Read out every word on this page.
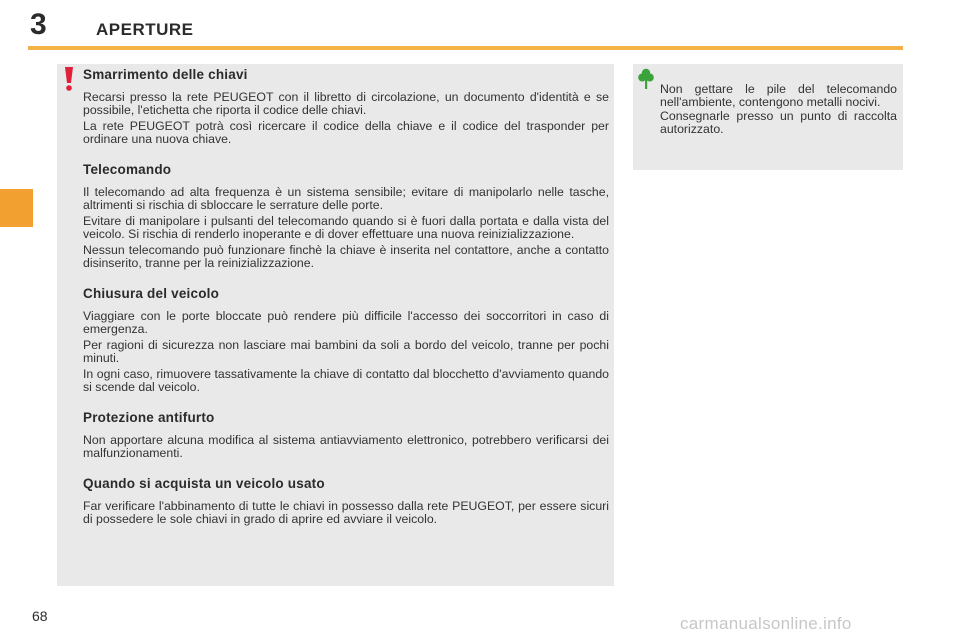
3	APERTURE
Smarrimento delle chiavi

Recarsi presso la rete PEUGEOT con il libretto di circolazione, un documento d'identità e se possibile, l'etichetta che riporta il codice delle chiavi.

La rete PEUGEOT potrà così ricercare il codice della chiave e il codice del trasponder per ordinare una nuova chiave.

Telecomando

Il telecomando ad alta frequenza è un sistema sensibile; evitare di manipolarlo nelle tasche, altrimenti si rischia di sbloccare le serrature delle porte.

Evitare di manipolare i pulsanti del telecomando quando si è fuori dalla portata e dalla vista del veicolo. Si rischia di renderlo inoperante e di dover effettuare una nuova reinizializzazione.

Nessun telecomando può funzionare finchè la chiave è inserita nel contattore, anche a contatto disinserito, tranne per la reinizializzazione.

Chiusura del veicolo

Viaggiare con le porte bloccate può rendere più difficile l'accesso dei soccorritori in caso di emergenza.

Per ragioni di sicurezza non lasciare mai bambini da soli a bordo del veicolo, tranne per pochi minuti.

In ogni caso, rimuovere tassativamente la chiave di contatto dal blocchetto d'avviamento quando si scende dal veicolo.

Protezione antifurto

Non apportare alcuna modifica al sistema antiavviamento elettronico, potrebbero verificarsi dei malfunzionamenti.

Quando si acquista un veicolo usato

Far verificare l'abbinamento di tutte le chiavi in possesso dalla rete PEUGEOT, per essere sicuri di possedere le sole chiavi in grado di aprire ed avviare il veicolo.

Non gettare le pile del telecomando nell'ambiente, contengono metalli nocivi.

Consegnarle presso un punto di raccolta autorizzato.

68	carmanualsonline.info
